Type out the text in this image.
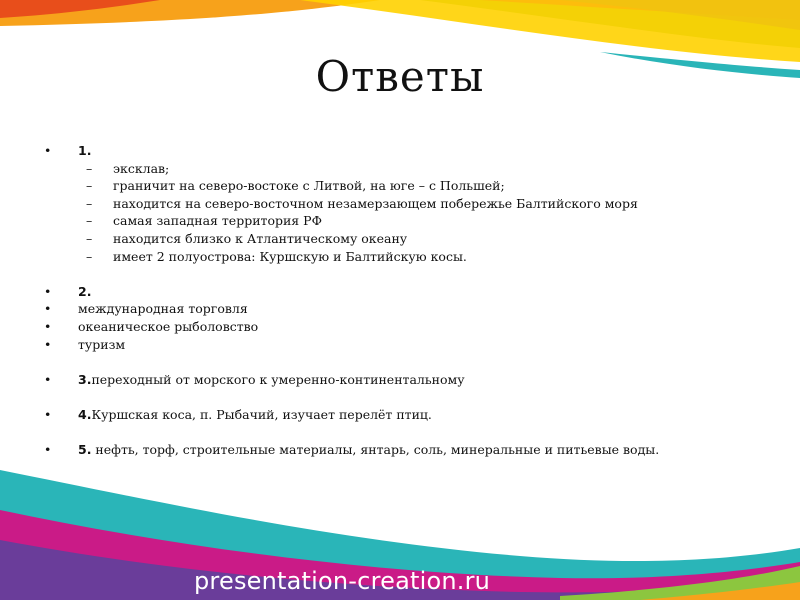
Ответы
• 1.
– эксклав;
– граничит на северо-востоке с Литвой, на юге – с Польшей;
– находится на северо-восточном незамерзающем побережье Балтийского моря
– самая западная территория РФ
– находится близко к Атлантическому океану
– имеет 2 полуострова: Куршскую и Балтийскую косы.
• 2.
• международная торговля
• океаническое рыболовство
• туризм
• 3.переходный от морского к умеренно-континентальному
• 4.Куршская коса, п. Рыбачий, изучает перелёт птиц.
• 5. нефть, торф, строительные материалы, янтарь, соль, минеральные и питьевые воды.
presentation-creation.ru
